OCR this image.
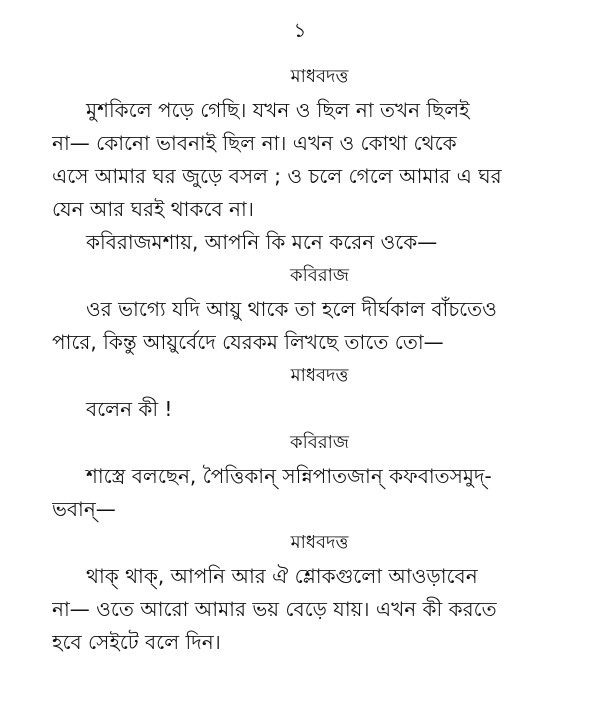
১
মাধবদত্ত
মুশকিলে পড়ে গেছি। যখন ও ছিল না তখন ছিলই
না— কোনো ভাবনাই ছিল না। এখন ও কোথা থেকে
এসে আমার ঘর জুড়ে বসল ; ও চলে গেলে আমার এ ঘর
যেন আর ঘরই থাকবে না।
কবিরাজমশায়, আপনি কি মনে করেন ওকে—
কবিরাজ
ওর ভাগ্যে যদি আয়ু থাকে তা হলে দীর্ঘকাল বাঁচতেও
পারে, কিন্তু আয়ুর্বেদে যেরকম লিখছে তাতে তো—
মাধবদত্ত
বলেন কী !
কবিরাজ
শাস্ত্রে বলছেন, পৈত্তিকান্ সন্নিপাতজান্ কফবাতসমুদ্-
ভবান্—
মাধবদত্ত
থাক্ থাক্, আপনি আর ঐ শ্লোকগুলো আওড়াবেন
না— ওতে আরো আমার ভয় বেড়ে যায়। এখন কী করতে
হবে সেইটে বলে দিন।
